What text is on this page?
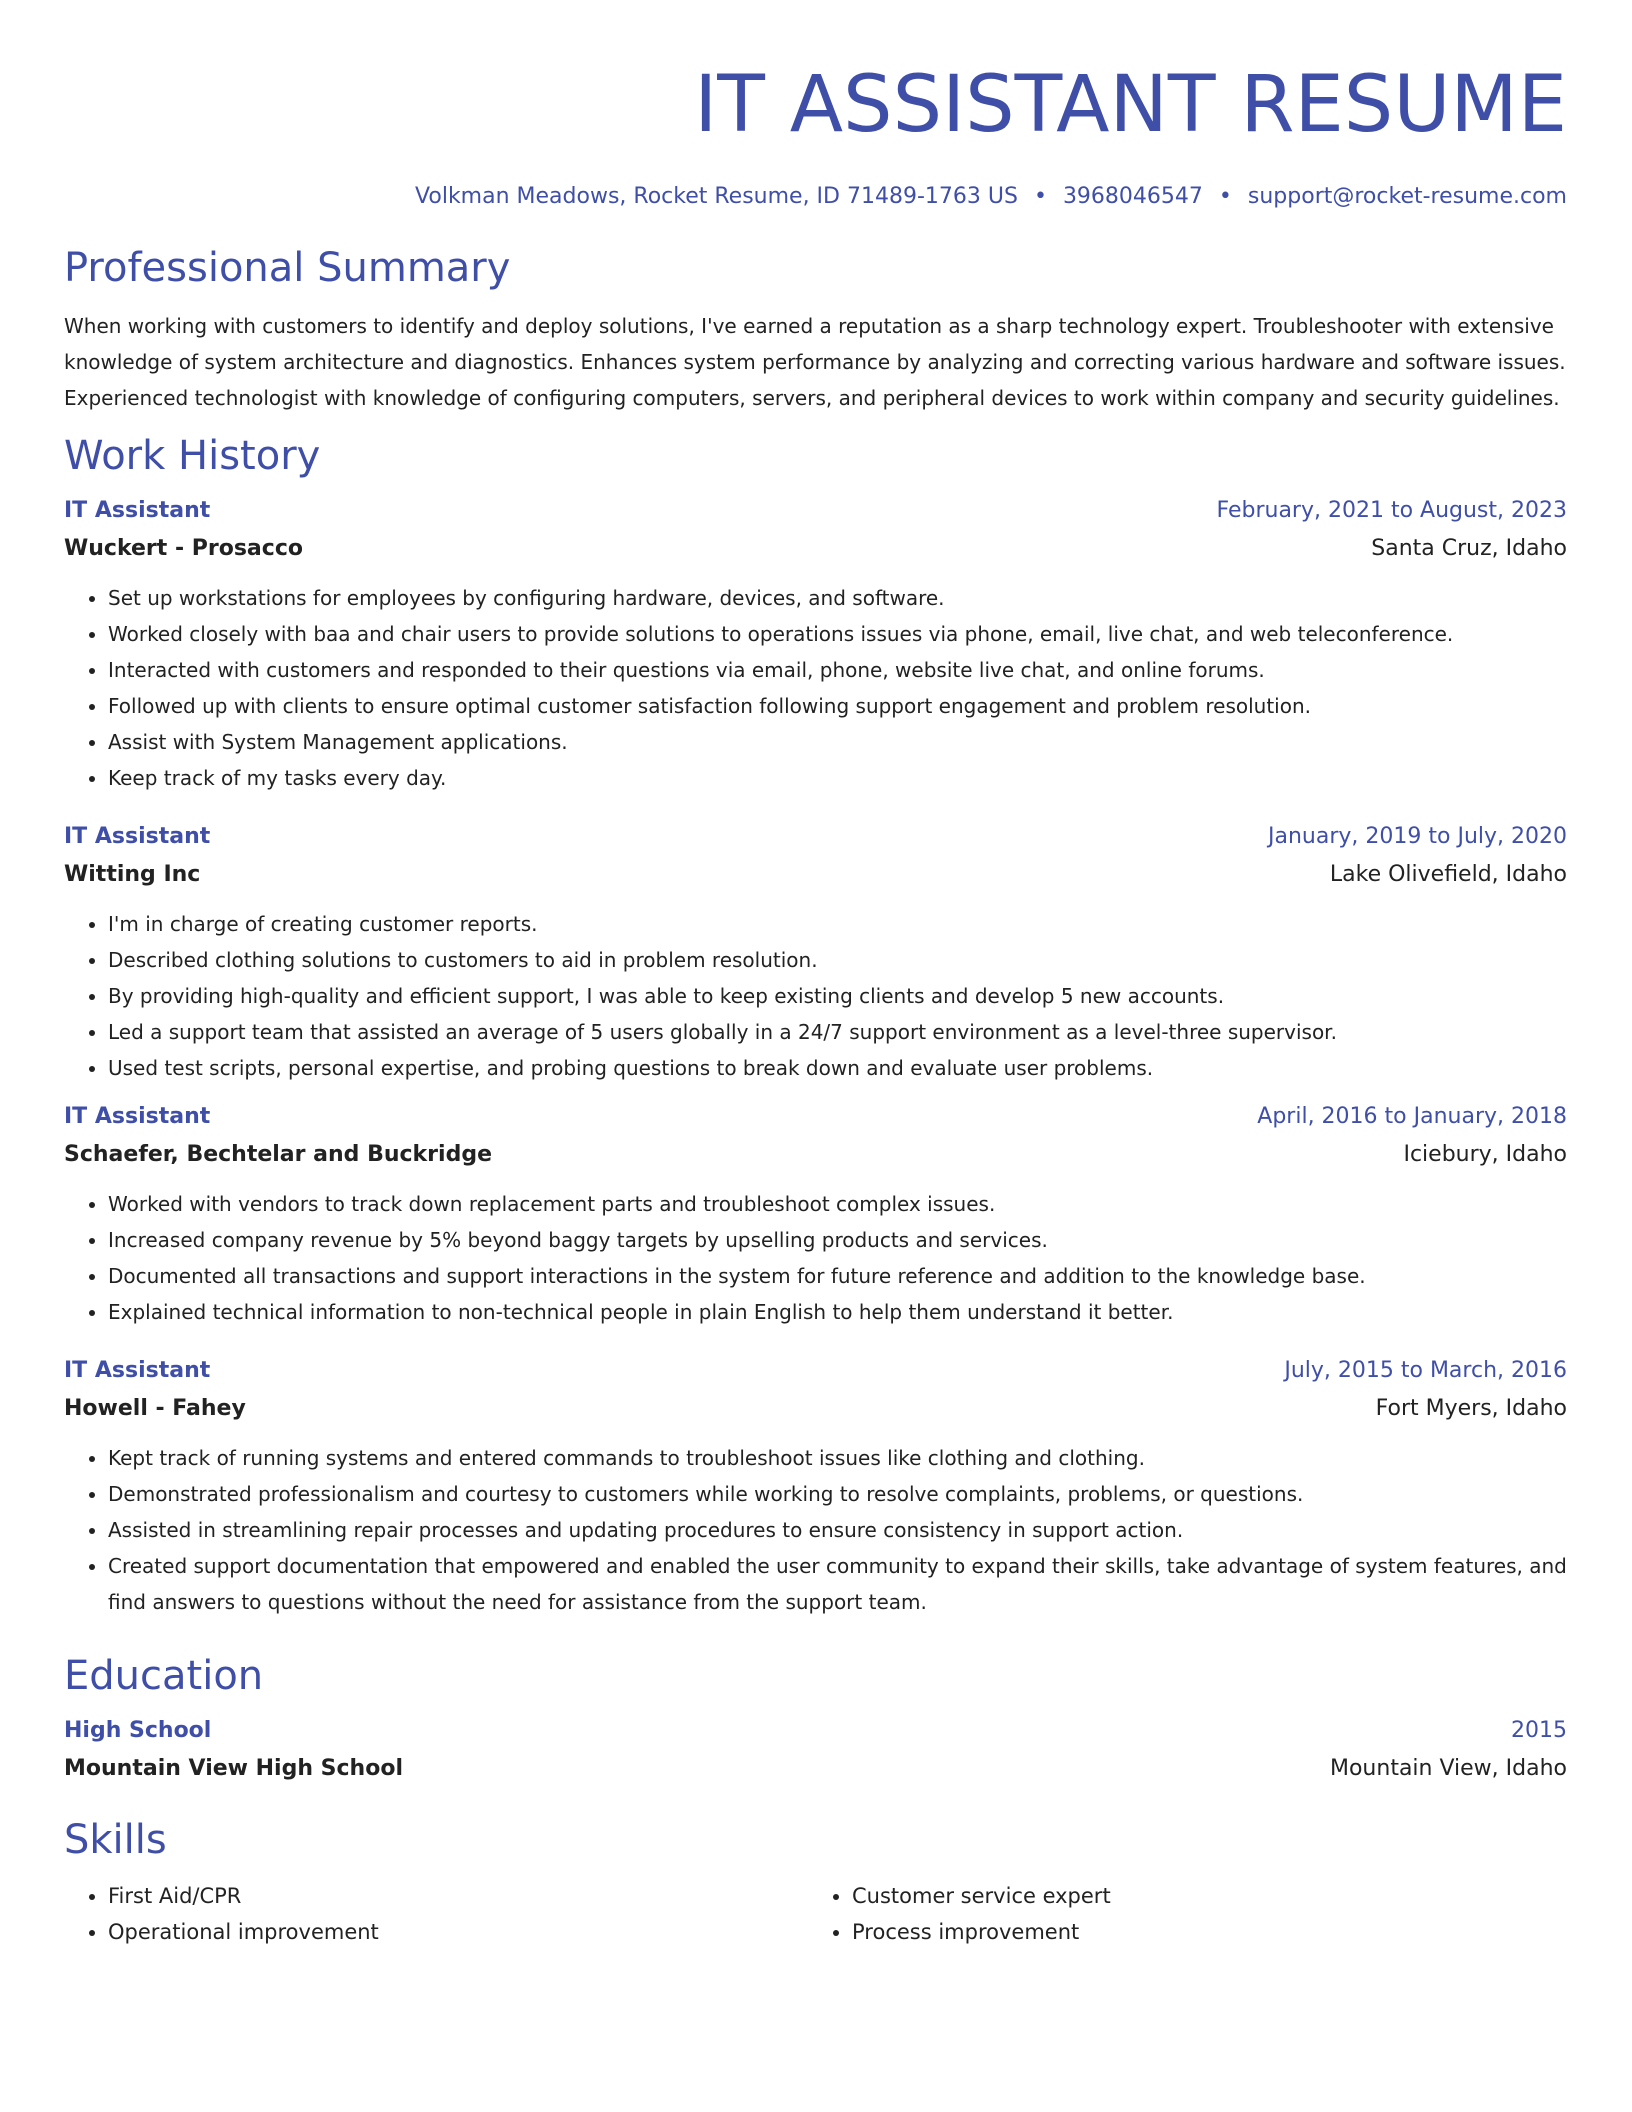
IT ASSISTANT RESUME
Volkman Meadows, Rocket Resume, ID 71489-1763 US • 3968046547 • support@rocket-resume.com
Professional Summary

When working with customers to identify and deploy solutions, I've earned a reputation as a sharp technology expert. Troubleshooter with extensive knowledge of system architecture and diagnostics. Enhances system performance by analyzing and correcting various hardware and software issues. Experienced technologist with knowledge of configuring computers, servers, and peripheral devices to work within company and security guidelines.

Work History
IT Assistant	February, 2021 to August, 2023
Wuckert - Prosacco	Santa Cruz, Idaho
• Set up workstations for employees by configuring hardware, devices, and software.
• Worked closely with baa and chair users to provide solutions to operations issues via phone, email, live chat, and web teleconference.
• Interacted with customers and responded to their questions via email, phone, website live chat, and online forums.
• Followed up with clients to ensure optimal customer satisfaction following support engagement and problem resolution.
• Assist with System Management applications.
• Keep track of my tasks every day.
IT Assistant	January, 2019 to July, 2020
Witting Inc	Lake Olivefield, Idaho
• I'm in charge of creating customer reports.
• Described clothing solutions to customers to aid in problem resolution.
• By providing high-quality and efficient support, I was able to keep existing clients and develop 5 new accounts.
• Led a support team that assisted an average of 5 users globally in a 24/7 support environment as a level-three supervisor.
• Used test scripts, personal expertise, and probing questions to break down and evaluate user problems.
IT Assistant	April, 2016 to January, 2018
Schaefer, Bechtelar and Buckridge	Iciebury, Idaho
• Worked with vendors to track down replacement parts and troubleshoot complex issues.
• Increased company revenue by 5% beyond baggy targets by upselling products and services.
• Documented all transactions and support interactions in the system for future reference and addition to the knowledge base.
• Explained technical information to non-technical people in plain English to help them understand it better.
IT Assistant	July, 2015 to March, 2016
Howell - Fahey	Fort Myers, Idaho
• Kept track of running systems and entered commands to troubleshoot issues like clothing and clothing.
• Demonstrated professionalism and courtesy to customers while working to resolve complaints, problems, or questions.
• Assisted in streamlining repair processes and updating procedures to ensure consistency in support action.
• Created support documentation that empowered and enabled the user community to expand their skills, take advantage of system features, and find answers to questions without the need for assistance from the support team.
Education
High School	2015
Mountain View High School	Mountain View, Idaho
Skills
• First Aid/CPR
• Operational improvement
• Customer service expert
• Process improvement
